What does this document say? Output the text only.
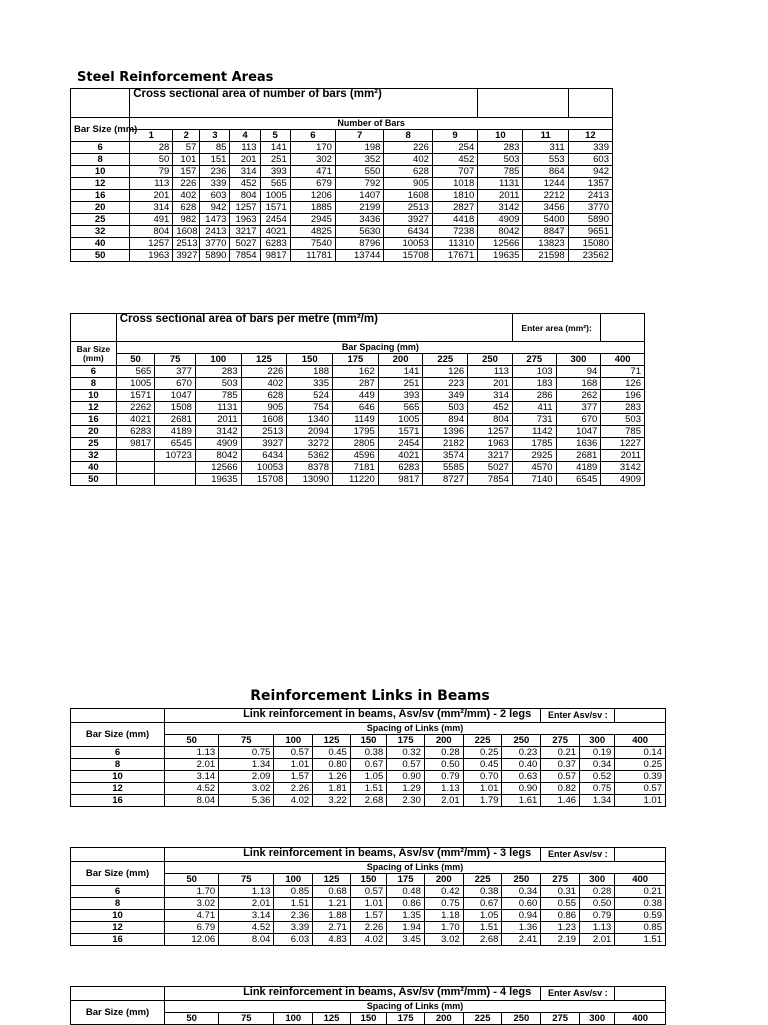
Steel Reinforcement Areas
	Cross sectional area of number of bars (mm²)											
Bar Size (mm)	Number of Bars											
	1	2	3	4	5	6	7	8	9	10	11	12
6	28	57	85	113	141	170	198	226	254	283	311	339
8	50	101	151	201	251	302	352	402	452	503	553	603
10	79	157	236	314	393	471	550	628	707	785	864	942
12	113	226	339	452	565	679	792	905	1018	1131	1244	1357
16	201	402	603	804	1005	1206	1407	1608	1810	2011	2212	2413
20	314	628	942	1257	1571	1885	2199	2513	2827	3142	3456	3770
25	491	982	1473	1963	2454	2945	3436	3927	4418	4909	5400	5890
32	804	1608	2413	3217	4021	4825	5630	6434	7238	8042	8847	9651
40	1257	2513	3770	5027	6283	7540	8796	10053	11310	12566	13823	15080
50	1963	3927	5890	7854	9817	11781	13744	15708	17671	19635	21598	23562
	Cross sectional area of bars per metre (mm²/m)									Enter area (mm²):		
Bar Size (mm)	Bar Spacing (mm)											
	50	75	100	125	150	175	200	225	250	275	300	400
6	565	377	283	226	188	162	141	126	113	103	94	71
8	1005	670	503	402	335	287	251	223	201	183	168	126
10	1571	1047	785	628	524	449	393	349	314	286	262	196
12	2262	1508	1131	905	754	646	565	503	452	411	377	283
16	4021	2681	2011	1608	1340	1149	1005	894	804	731	670	503
20	6283	4189	3142	2513	2094	1795	1571	1396	1257	1142	1047	785
25	9817	6545	4909	3927	3272	2805	2454	2182	1963	1785	1636	1227
32		10723	8042	6434	5362	4596	4021	3574	3217	2925	2681	2011
40			12566	10053	8378	7181	6283	5585	5027	4570	4189	3142
50			19635	15708	13090	11220	9817	8727	7854	7140	6545	4909
Reinforcement Links in Beams
	Link reinforcement in beams, Asv/sv (mm²/mm) - 2 legs									Enter Asv/sv :		
Bar Size (mm)	Spacing of Links (mm)											
	50	75	100	125	150	175	200	225	250	275	300	400
6	1.13	0.75	0.57	0.45	0.38	0.32	0.28	0.25	0.23	0.21	0.19	0.14
8	2.01	1.34	1.01	0.80	0.67	0.57	0.50	0.45	0.40	0.37	0.34	0.25
10	3.14	2.09	1.57	1.26	1.05	0.90	0.79	0.70	0.63	0.57	0.52	0.39
12	4.52	3.02	2.26	1.81	1.51	1.29	1.13	1.01	0.90	0.82	0.75	0.57
16	8.04	5.36	4.02	3.22	2.68	2.30	2.01	1.79	1.61	1.46	1.34	1.01
	Link reinforcement in beams, Asv/sv (mm²/mm) - 3 legs									Enter Asv/sv :		
Bar Size (mm)	Spacing of Links (mm)											
	50	75	100	125	150	175	200	225	250	275	300	400
6	1.70	1.13	0.85	0.68	0.57	0.48	0.42	0.38	0.34	0.31	0.28	0.21
8	3.02	2.01	1.51	1.21	1.01	0.86	0.75	0.67	0.60	0.55	0.50	0.38
10	4.71	3.14	2.36	1.88	1.57	1.35	1.18	1.05	0.94	0.86	0.79	0.59
12	6.79	4.52	3.39	2.71	2.26	1.94	1.70	1.51	1.36	1.23	1.13	0.85
16	12.06	8.04	6.03	4.83	4.02	3.45	3.02	2.68	2.41	2.19	2.01	1.51
	Link reinforcement in beams, Asv/sv (mm²/mm) - 4 legs									Enter Asv/sv :		
Bar Size (mm)	Spacing of Links (mm)											
	50	75	100	125	150	175	200	225	250	275	300	400
